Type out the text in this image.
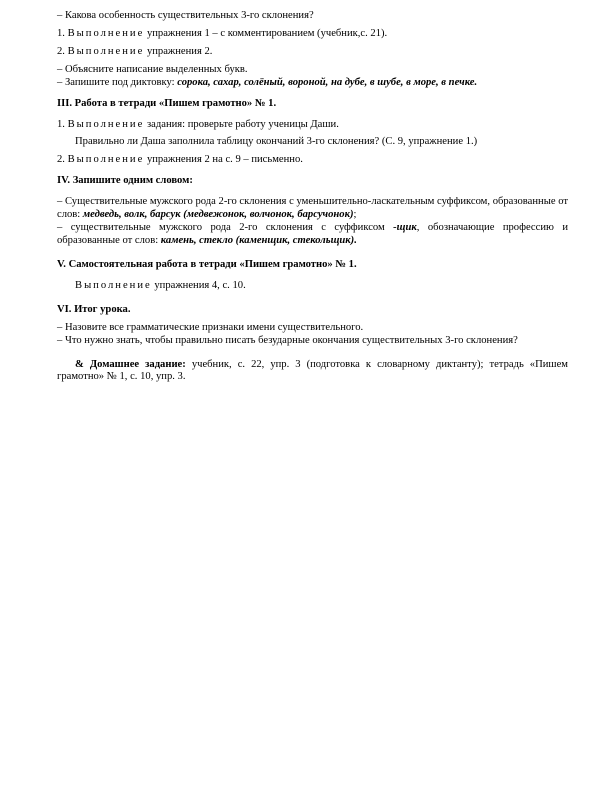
– Какова особенность существительных 3-го склонения?

1. Выполнение упражнения 1 – с комментированием (учебник,с. 21).

2. Выполнение упражнения 2.

– Объясните написание выделенных букв.

– Запишите под диктовку: сорока, сахар, солёный, вороной, на дубе, в шубе, в море, в печке.

III. Работа в тетради «Пишем грамотно» № 1.

1. Выполнение задания: проверьте работу ученицы Даши.

Правильно ли Даша заполнила таблицу окончаний 3-го склонения? (С. 9, упражнение 1.)

2. Выполнение упражнения 2 на с. 9 – письменно.

IV. Запишите одним словом:

– Существительные мужского рода 2-го склонения с уменьшительно-ласкательным суффиксом, образованные от слов: медведь, волк, барсук (медвежонок, волчонок, барсучонок);

– существительные мужского рода 2-го склонения с суффиксом -щик, обозначающие профессию и образованные от слов: камень, стекло (каменщик, стекольщик).

V. Самостоятельная работа в тетради «Пишем грамотно» № 1.

Выполнение упражнения 4, с. 10.

VI. Итог урока.

– Назовите все грамматические признаки имени существительного.

– Что нужно знать, чтобы правильно писать безударные окончания существительных 3-го склонения?

& Домашнее задание: учебник, с. 22, упр. 3 (подготовка к словарному диктанту); тетрадь «Пишем грамотно» № 1, с. 10, упр. 3.
